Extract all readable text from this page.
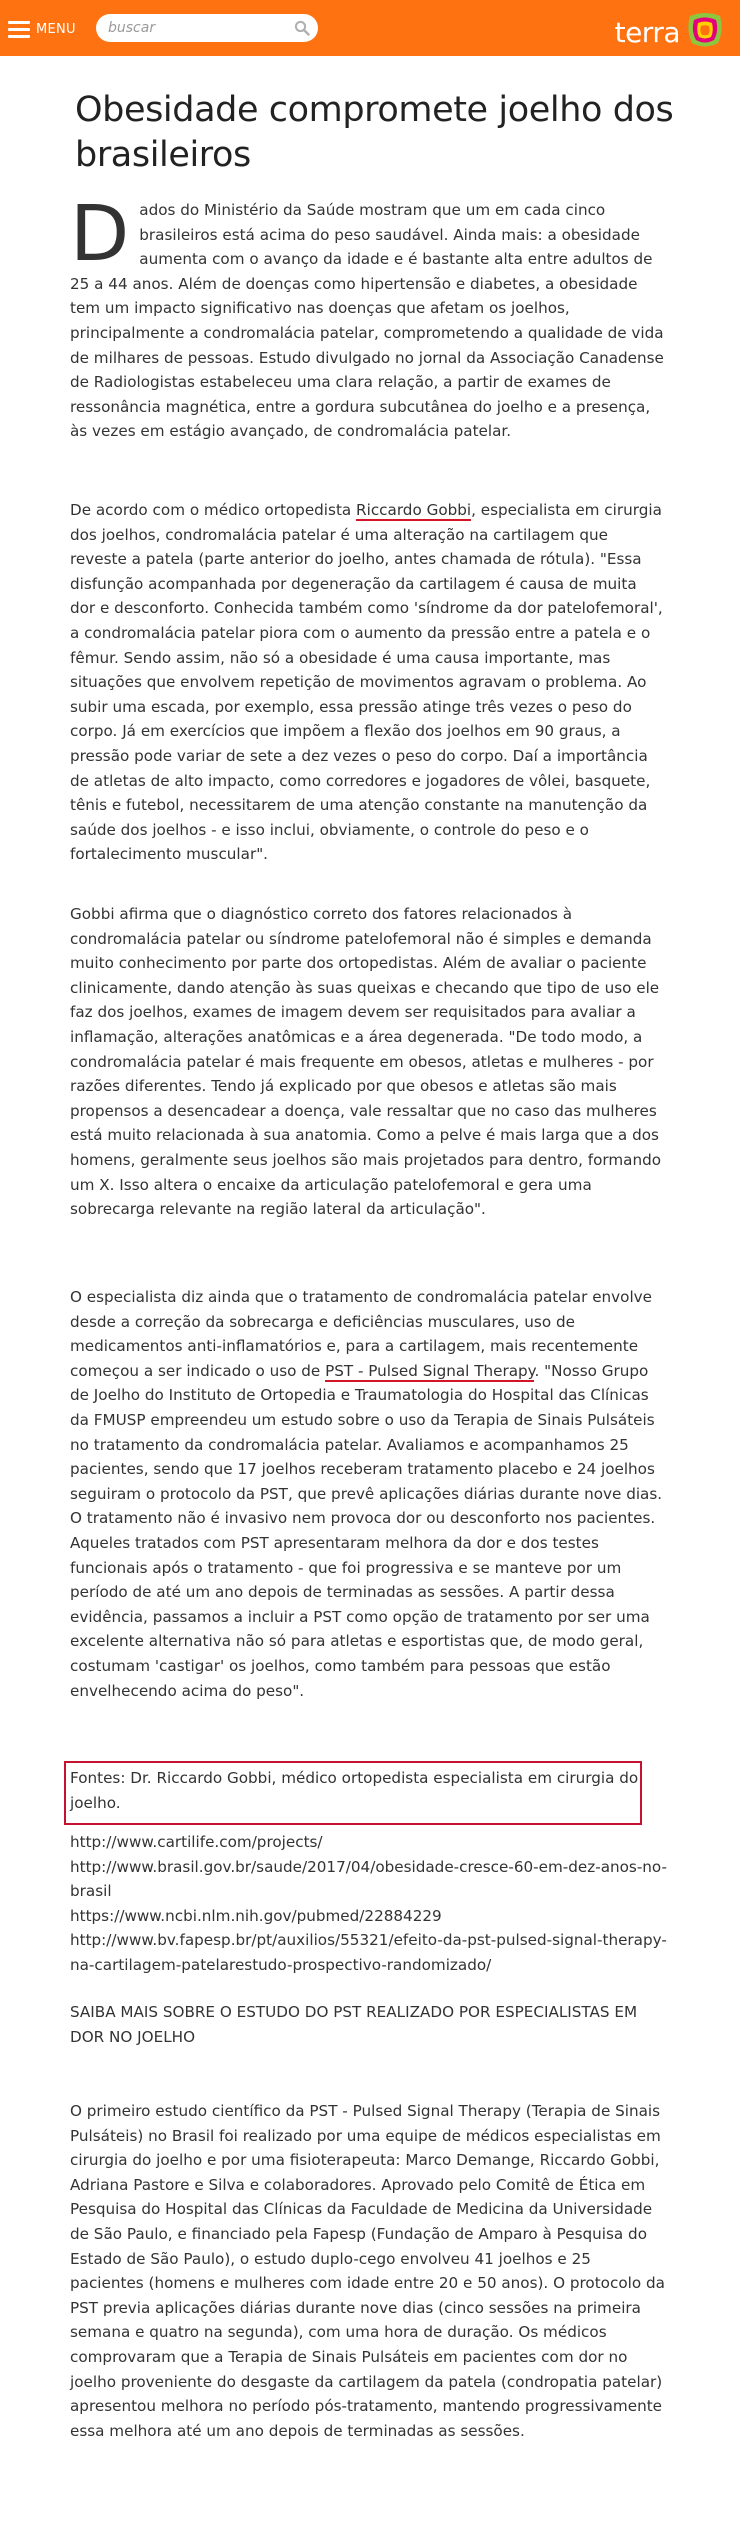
MENU
buscar	terra
Obesidade compromete joelho dos brasileiros

Dados do Ministério da Saúde mostram que um em cada cinco brasileiros está acima do peso saudável. Ainda mais: a obesidade aumenta com o avanço da idade e é bastante alta entre adultos de 25 a 44 anos. Além de doenças como hipertensão e diabetes, a obesidade tem um impacto significativo nas doenças que afetam os joelhos, principalmente a condromalácia patelar, comprometendo a qualidade de vida de milhares de pessoas. Estudo divulgado no jornal da Associação Canadense de Radiologistas estabeleceu uma clara relação, a partir de exames de ressonância magnética, entre a gordura subcutânea do joelho e a presença, às vezes em estágio avançado, de condromalácia patelar.

De acordo com o médico ortopedista Riccardo Gobbi, especialista em cirurgia dos joelhos, condromalácia patelar é uma alteração na cartilagem que reveste a patela (parte anterior do joelho, antes chamada de rótula). "Essa disfunção acompanhada por degeneração da cartilagem é causa de muita dor e desconforto. Conhecida também como 'síndrome da dor patelofemoral', a condromalácia patelar piora com o aumento da pressão entre a patela e o fêmur. Sendo assim, não só a obesidade é uma causa importante, mas situações que envolvem repetição de movimentos agravam o problema. Ao subir uma escada, por exemplo, essa pressão atinge três vezes o peso do corpo. Já em exercícios que impõem a flexão dos joelhos em 90 graus, a pressão pode variar de sete a dez vezes o peso do corpo. Daí a importância de atletas de alto impacto, como corredores e jogadores de vôlei, basquete, tênis e futebol, necessitarem de uma atenção constante na manutenção da saúde dos joelhos - e isso inclui, obviamente, o controle do peso e o fortalecimento muscular".

Gobbi afirma que o diagnóstico correto dos fatores relacionados à condromalácia patelar ou síndrome patelofemoral não é simples e demanda muito conhecimento por parte dos ortopedistas. Além de avaliar o paciente clinicamente, dando atenção às suas queixas e checando que tipo de uso ele faz dos joelhos, exames de imagem devem ser requisitados para avaliar a inflamação, alterações anatômicas e a área degenerada. "De todo modo, a condromalácia patelar é mais frequente em obesos, atletas e mulheres - por razões diferentes. Tendo já explicado por que obesos e atletas são mais propensos a desencadear a doença, vale ressaltar que no caso das mulheres está muito relacionada à sua anatomia. Como a pelve é mais larga que a dos homens, geralmente seus joelhos são mais projetados para dentro, formando um X. Isso altera o encaixe da articulação patelofemoral e gera uma sobrecarga relevante na região lateral da articulação".

O especialista diz ainda que o tratamento de condromalácia patelar envolve desde a correção da sobrecarga e deficiências musculares, uso de medicamentos anti-inflamatórios e, para a cartilagem, mais recentemente começou a ser indicado o uso de PST - Pulsed Signal Therapy. "Nosso Grupo de Joelho do Instituto de Ortopedia e Traumatologia do Hospital das Clínicas da FMUSP empreendeu um estudo sobre o uso da Terapia de Sinais Pulsáteis no tratamento da condromalácia patelar. Avaliamos e acompanhamos 25 pacientes, sendo que 17 joelhos receberam tratamento placebo e 24 joelhos seguiram o protocolo da PST, que prevê aplicações diárias durante nove dias. O tratamento não é invasivo nem provoca dor ou desconforto nos pacientes. Aqueles tratados com PST apresentaram melhora da dor e dos testes funcionais após o tratamento - que foi progressiva e se manteve por um período de até um ano depois de terminadas as sessões. A partir dessa evidência, passamos a incluir a PST como opção de tratamento por ser uma excelente alternativa não só para atletas e esportistas que, de modo geral, costumam 'castigar' os joelhos, como também para pessoas que estão envelhecendo acima do peso".

Fontes: Dr. Riccardo Gobbi, médico ortopedista especialista em cirurgia do joelho.

http://www.cartilife.com/projects/
http://www.brasil.gov.br/saude/2017/04/obesidade-cresce-60-em-dez-anos-no-brasil
https://www.ncbi.nlm.nih.gov/pubmed/22884229
http://www.bv.fapesp.br/pt/auxilios/55321/efeito-da-pst-pulsed-signal-therapy-na-cartilagem-patelarestudo-prospectivo-randomizado/

SAIBA MAIS SOBRE O ESTUDO DO PST REALIZADO POR ESPECIALISTAS EM DOR NO JOELHO

O primeiro estudo científico da PST - Pulsed Signal Therapy (Terapia de Sinais Pulsáteis) no Brasil foi realizado por uma equipe de médicos especialistas em cirurgia do joelho e por uma fisioterapeuta: Marco Demange, Riccardo Gobbi, Adriana Pastore e Silva e colaboradores. Aprovado pelo Comitê de Ética em Pesquisa do Hospital das Clínicas da Faculdade de Medicina da Universidade de São Paulo, e financiado pela Fapesp (Fundação de Amparo à Pesquisa do Estado de São Paulo), o estudo duplo-cego envolveu 41 joelhos e 25 pacientes (homens e mulheres com idade entre 20 e 50 anos). O protocolo da PST previa aplicações diárias durante nove dias (cinco sessões na primeira semana e quatro na segunda), com uma hora de duração. Os médicos comprovaram que a Terapia de Sinais Pulsáteis em pacientes com dor no joelho proveniente do desgaste da cartilagem da patela (condropatia patelar) apresentou melhora no período pós-tratamento, mantendo progressivamente essa melhora até um ano depois de terminadas as sessões.
